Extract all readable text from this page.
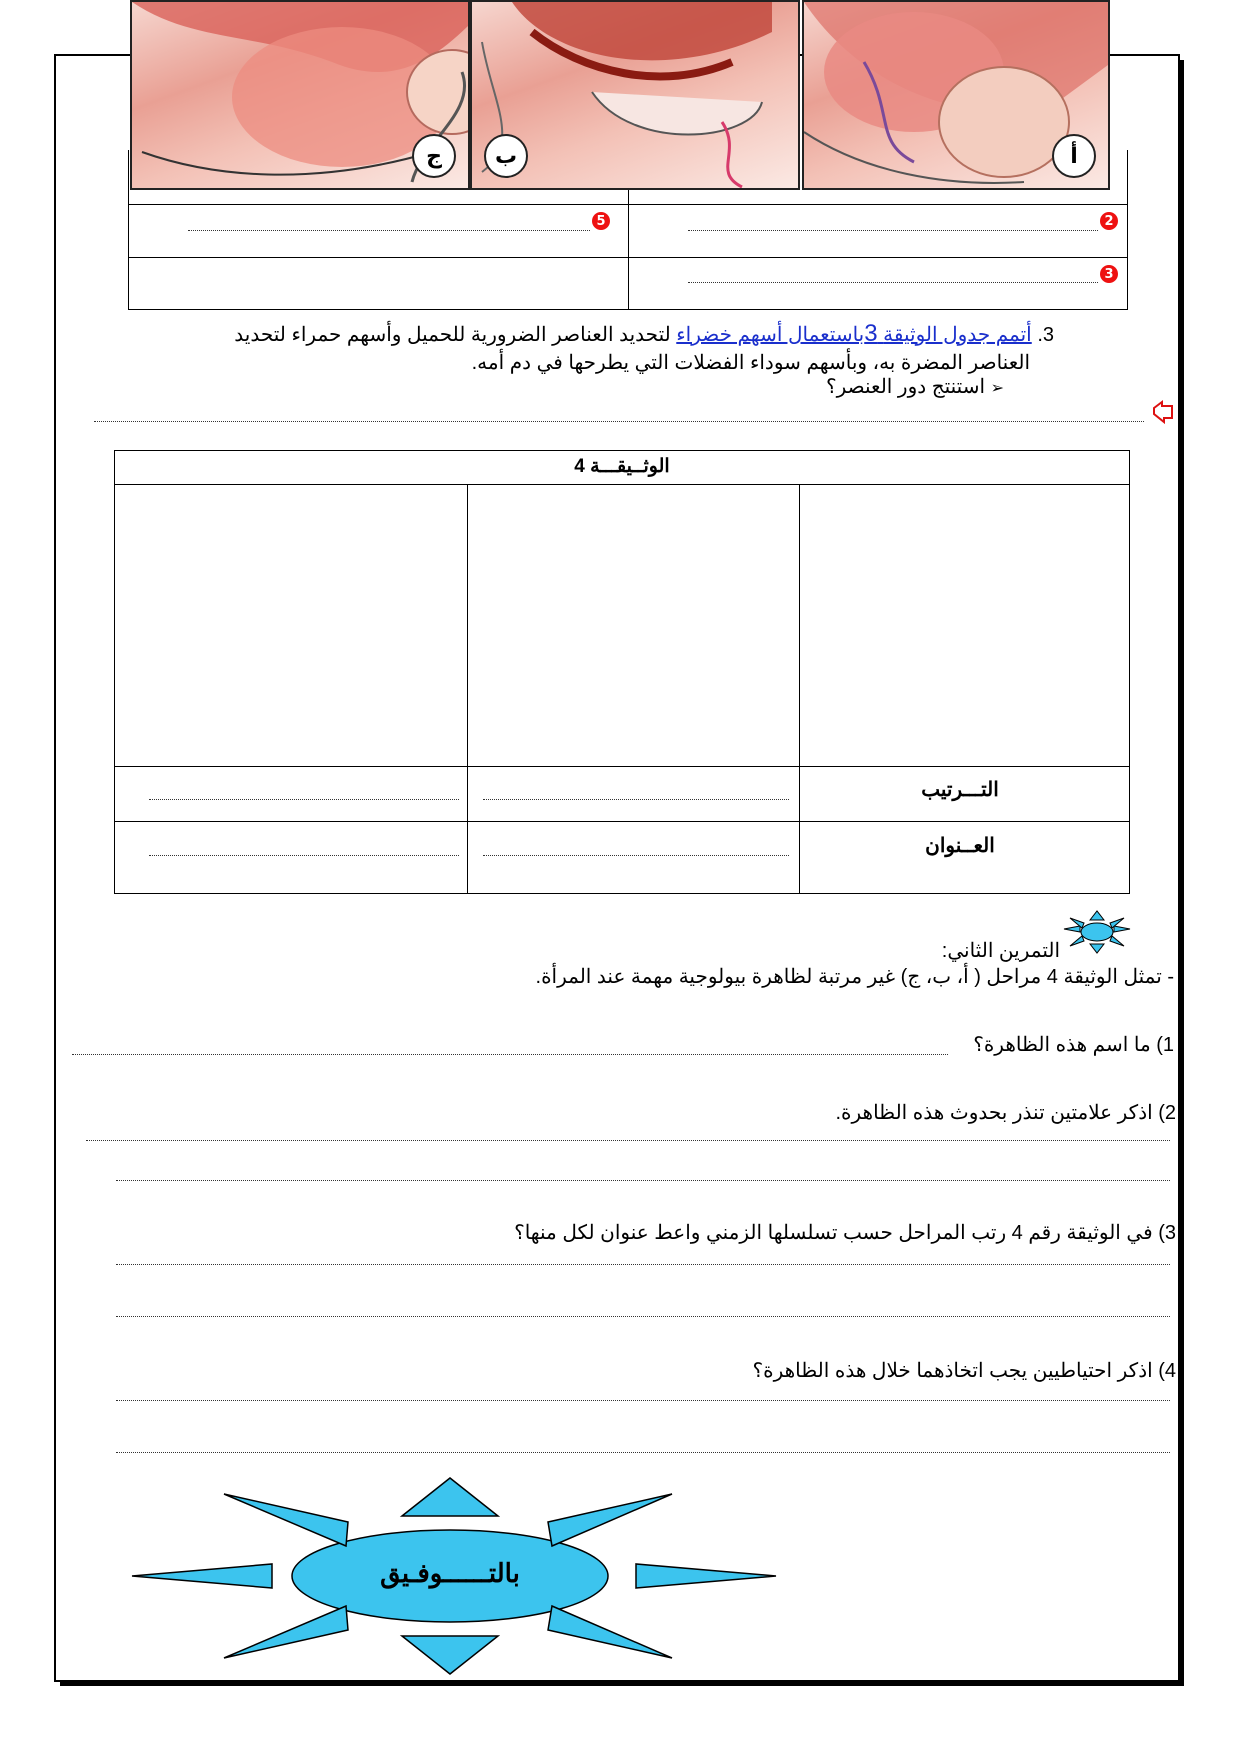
2
5
3
ج	ب	أ
3. أتمم جدول الوثيقة 3باستعمال أسهم خضراء لتحديد العناصر الضرورية للحميل وأسهم حمراء لتحديد
العناصر المضرة به، وبأسهم سوداء الفضلات التي يطرحها في دم أمه.
➢ استنتج دور العنصر؟
الوثــيقـــة 4
التـــرتيب
العــنوان
التمرين الثاني:
- تمثل الوثيقة 4 مراحل ( أ، ب، ج) غير مرتبة لظاهرة بيولوجية مهمة عند المرأة.
1) ما اسم هذه الظاهرة؟
2) اذكر علامتين تنذر بحدوث هذه الظاهرة.
3) في الوثيقة رقم 4 رتب المراحل حسب تسلسلها الزمني واعط عنوان لكل منها؟
4) اذكر احتياطيين يجب اتخاذهما خلال هذه الظاهرة؟
بالتــــــوفـيق
